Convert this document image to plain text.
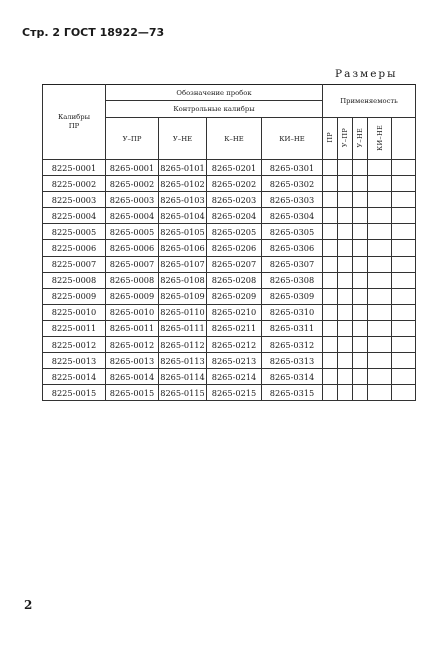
Стр. 2 ГОСТ 18922—73
Размеры
Калибры
ПР	Обозначение пробок				Применяемость				
	Контрольные калибры								
	У–ПР	У–НЕ	К–НЕ	КИ–НЕ	ПР	У–ПР	У–НЕ	КИ–НЕ	
8225-0001	8265-0001	8265-0101	8265-0201	8265-0301					
8225-0002	8265-0002	8265-0102	8265-0202	8265-0302					
8225-0003	8265-0003	8265-0103	8265-0203	8265-0303					
8225-0004	8265-0004	8265-0104	8265-0204	8265-0304					
8225-0005	8265-0005	8265-0105	8265-0205	8265-0305					
8225-0006	8265-0006	8265-0106	8265-0206	8265-0306					
8225-0007	8265-0007	8265-0107	8265-0207	8265-0307					
8225-0008	8265-0008	8265-0108	8265-0208	8265-0308					
8225-0009	8265-0009	8265-0109	8265-0209	8265-0309					
8225-0010	8265-0010	8265-0110	8265-0210	8265-0310					
8225-0011	8265-0011	8265-0111	8265-0211	8265-0311					
8225-0012	8265-0012	8265-0112	8265-0212	8265-0312					
8225-0013	8265-0013	8265-0113	8265-0213	8265-0313					
8225-0014	8265-0014	8265-0114	8265-0214	8265-0314					
8225-0015	8265-0015	8265-0115	8265-0215	8265-0315					
2
